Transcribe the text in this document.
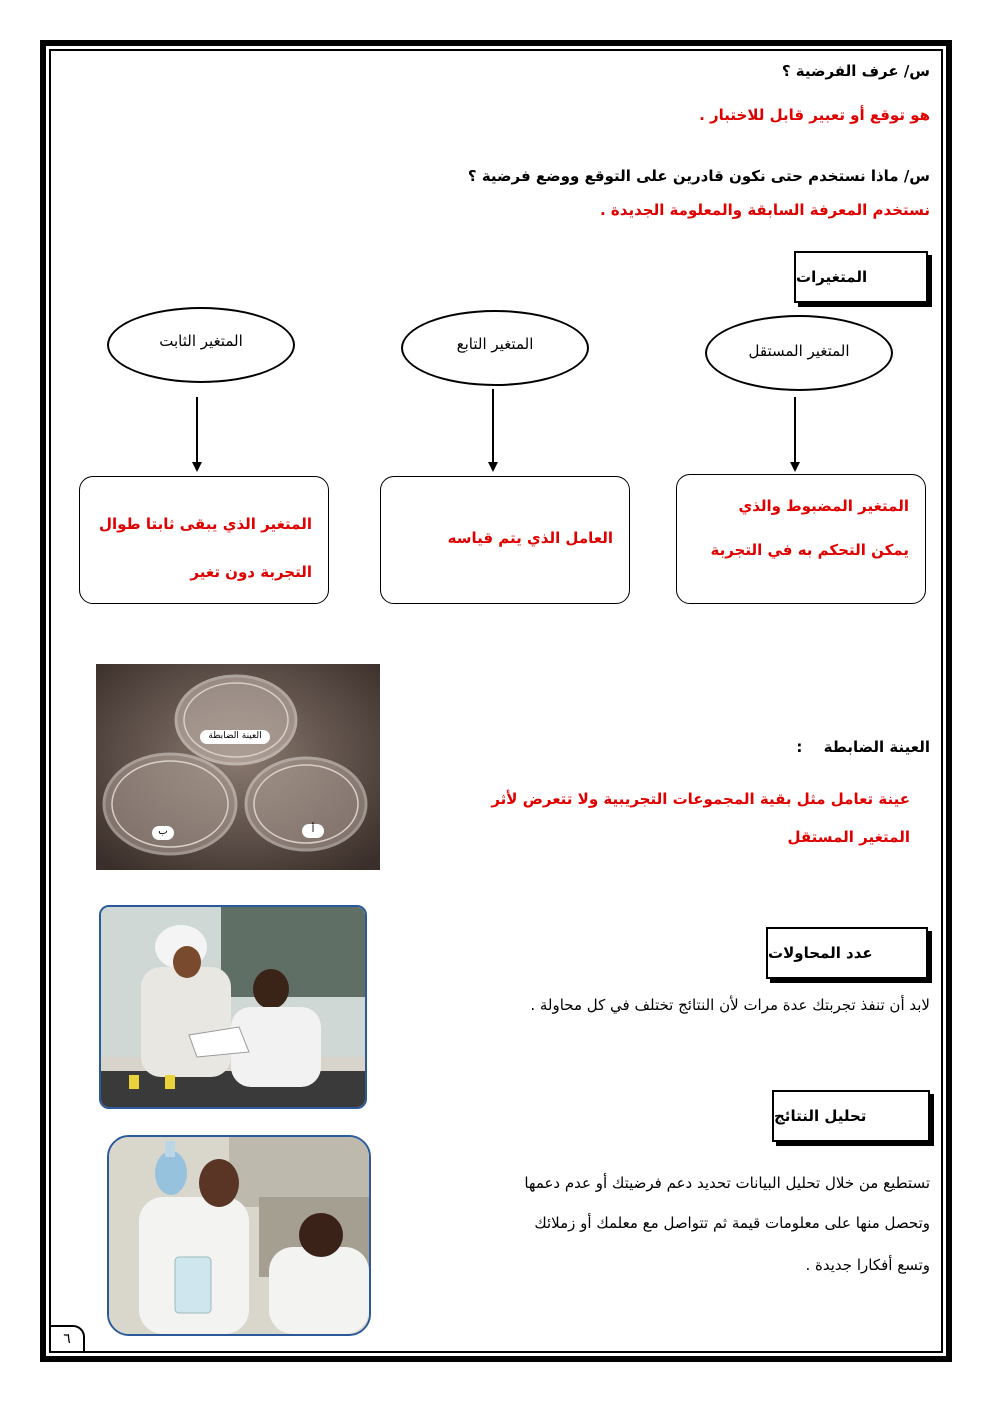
س/ عرف الفرضية ؟
هو توقع أو تعبير قابل للاختبار .
س/ ماذا نستخدم حتى نكون قادرين على التوقع ووضع فرضية ؟
نستخدم المعرفة السابقة والمعلومة الجديدة .
المتغيرات
المتغير الثابت	المتغير التابع	المتغير المستقل
المتغير الذي يبقى ثابتا طوال
التجربة دون تغير
العامل الذي يتم قياسه
المتغير المضبوط والذي
يمكن التحكم به في التجربة
العينة الضابطة
ب	أ
العينة الضابطة :
عينة تعامل مثل بقية المجموعات التجريبية ولا تتعرض لأثر
المتغير المستقل
عدد المحاولات
لابد أن تنفذ تجربتك عدة مرات لأن النتائج تختلف في كل محاولة .
تحليل النتائج
تستطيع من خلال تحليل البيانات تحديد دعم فرضيتك أو عدم دعمها
وتحصل منها على معلومات قيمة ثم تتواصل مع معلمك أو زملائك
وتسع أفكارا جديدة .
٦
